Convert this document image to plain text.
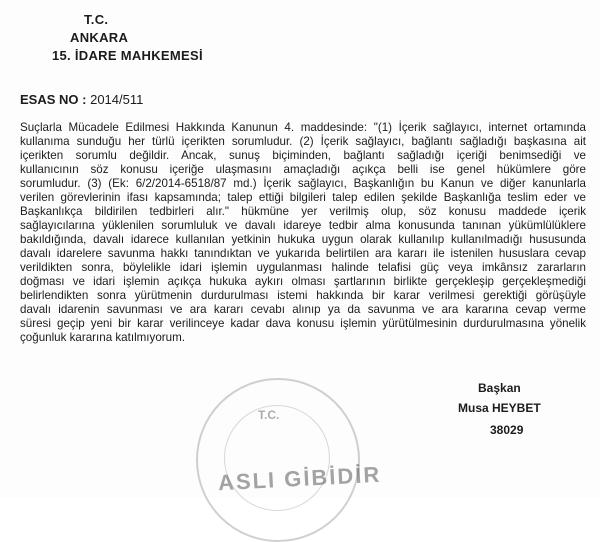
T.C.
ANKARA
15. İDARE MAHKEMESİ
ESAS NO : 2014/511
Suçlarla Mücadele Edilmesi Hakkında Kanunun 4. maddesinde: "(1) İçerik sağlayıcı, internet ortamında
kullanıma sunduğu her türlü içerikten sorumludur. (2) İçerik sağlayıcı, bağlantı sağladığı başkasına ait
içerikten sorumlu değildir. Ancak, sunuş biçiminden, bağlantı sağladığı içeriği benimsediği ve
kullanıcının söz konusu içeriğe ulaşmasını amaçladığı açıkça belli ise genel hükümlere göre
sorumludur. (3) (Ek: 6/2/2014-6518/87 md.) İçerik sağlayıcı, Başkanlığın bu Kanun ve diğer kanunlarla
verilen görevlerinin ifası kapsamında; talep ettiği bilgileri talep edilen şekilde Başkanlığa teslim eder ve
Başkanlıkça bildirilen tedbirleri alır." hükmüne yer verilmiş olup, söz konusu maddede içerik
sağlayıcılarına yüklenilen sorumluluk ve davalı idareye tedbir alma konusunda tanınan yükümlülüklere
bakıldığında, davalı idarece kullanılan yetkinin hukuka uygun olarak kullanılıp kullanılmadığı hususunda
davalı idarelere savunma hakkı tanındıktan ve yukarıda belirtilen ara kararı ile istenilen hususlara cevap
verildikten sonra, böylelikle idari işlemin uygulanması halinde telafisi güç veya imkânsız zararların
doğması ve idari işlemin açıkça hukuka aykırı olması şartlarının birlikte gerçekleşip gerçekleşmediği
belirlendikten sonra yürütmenin durdurulması istemi hakkında bir karar verilmesi gerektiği görüşüyle
davalı idarenin savunması ve ara kararı cevabı alınıp ya da savunma ve ara kararına cevap verme
süresi geçip yeni bir karar verilinceye kadar dava konusu işlemin yürütülmesinin durdurulmasına yönelik
çoğunluk kararına katılmıyorum.
T.C.
ASLI GİBİDİR
Başkan
Musa HEYBET
38029
